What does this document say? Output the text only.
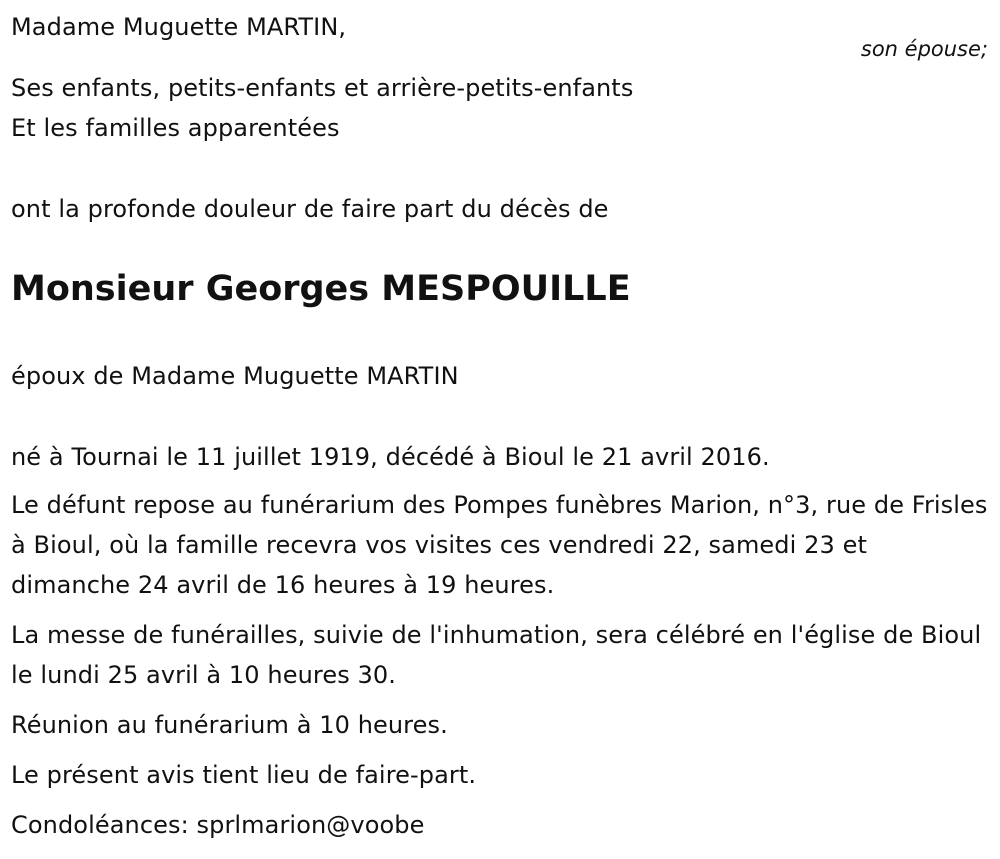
Madame Muguette MARTIN,
son épouse;
Ses enfants, petits-enfants et arrière-petits-enfants
Et les familles apparentées
ont la profonde douleur de faire part du décès de
Monsieur Georges MESPOUILLE
époux de Madame Muguette MARTIN
né à Tournai le 11 juillet 1919, décédé à Bioul le 21 avril 2016.
Le défunt repose au funérarium des Pompes funèbres Marion, n°3, rue de Frisles à Bioul, où la famille recevra vos visites ces vendredi 22, samedi 23 et dimanche 24 avril de 16 heures à 19 heures.
La messe de funérailles, suivie de l'inhumation, sera célébré en l'église de Bioul le lundi 25 avril à 10 heures 30.
Réunion au funérarium à 10 heures.
Le présent avis tient lieu de faire-part.
Condoléances: sprlmarion@voobe
